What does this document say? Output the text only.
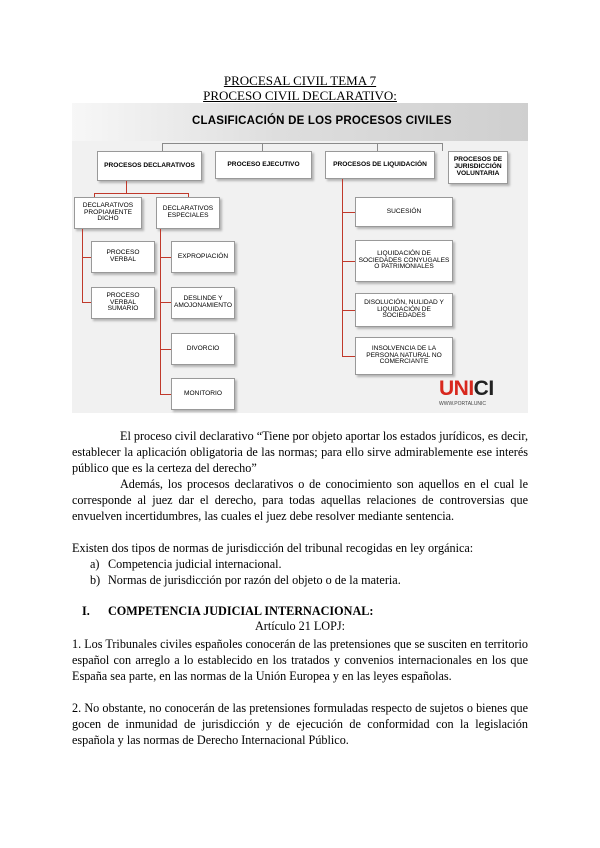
PROCESAL CIVIL TEMA 7
PROCESO CIVIL DECLARATIVO:
CLASIFICACIÓN DE LOS PROCESOS CIVILES
PROCESOS DECLARATIVOS	PROCESO EJECUTIVO	PROCESOS DE LIQUIDACIÓN
PROCESOS DE JURISDICCIÓN VOLUNTARIA
DECLARATIVOS PROPIAMENTE DICHO
DECLARATIVOS ESPECIALES
PROCESO VERBAL
PROCESO VERBAL SUMARIO
EXPROPIACIÓN
DESLINDE Y AMOJONAMIENTO
DIVORCIO
MONITORIO
SUCESIÓN
LIQUIDACIÓN DE SOCIEDADES CONYUGALES O PATRIMONIALES
DISOLUCIÓN, NULIDAD Y LIQUIDACIÓN DE SOCIEDADES
INSOLVENCIA DE LA PERSONA NATURAL NO COMERCIANTE
UNICI
WWW.PORTALUNIC

El proceso civil declarativo “Tiene por objeto aportar los estados jurídicos, es decir, establecer la aplicación obligatoria de las normas; para ello sirve admirablemente ese interés público que es la certeza del derecho”

Además, los procesos declarativos o de conocimiento son aquellos en el cual le corresponde al juez dar el derecho, para todas aquellas relaciones de controversias que envuelven incertidumbres, las cuales el juez debe resolver mediante sentencia.

Existen dos tipos de normas de jurisdicción del tribunal recogidas en ley orgánica:

a) Competencia judicial internacional.
b) Normas de jurisdicción por razón del objeto o de la materia.
I. COMPETENCIA JUDICIAL INTERNACIONAL:
Artículo 21 LOPJ:

1. Los Tribunales civiles españoles conocerán de las pretensiones que se susciten en territorio español con arreglo a lo establecido en los tratados y convenios internacionales en los que España sea parte, en las normas de la Unión Europea y en las leyes españolas.

2. No obstante, no conocerán de las pretensiones formuladas respecto de sujetos o bienes que gocen de inmunidad de jurisdicción y de ejecución de conformidad con la legislación española y las normas de Derecho Internacional Público.
